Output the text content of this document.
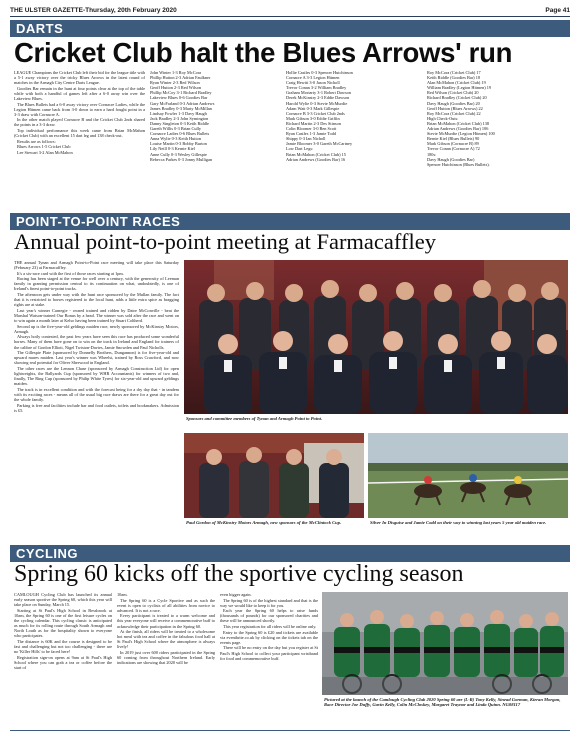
THE ULSTER GAZETTE-Thursday, 20th February 2020	Page 41
DARTS
Cricket Club halt the Blues Arrows' run

LEAGUE Champions the Cricket Club left their bid for the league title with a 5-1 away victory over the tricky Blues Arrows in the latest round of matches in the Armagh City Centre Darts League.

Goodies Bar remain in the hunt at four points clear at the top of the table while with both a handful of games left after a 6-0 away win over the Lakeview Blues.

The Blues Bullets had a 6-0 away victory over Cornacre Ladies, while the Legion Hitmen came back from 3-0 down to earn a hard fought point in a 3-3 draw with Cornacre A.

In the other match played Cornacre B and the Cricket Club 2nds shared the points in a 3-3 draw.

Top individual performance this week came from Brian McMahon (Cricket Club) with an excellent 15 dart leg and 138 check-out.

Results are as follows:

Blues Arrows 1-5 Cricket Club

Lee Stewart 3-2 Alan McMahon

John Winter 1-3 Roy McCora
Phillip Hutton 2-3 Adrian Faulkner
Ryan Winter 2-3 Red Wilson
Geoff Hutton 2-3 Red Wilson
Phillip McCoy 3-1 Richard Bradley
Lakeview Blues 0-6 Goodies Bar
Gary McFarland 0-3 Adrian Andrews
James Bradley 0-3 Marty McMillan
Lindsay Fowler 1-3 Davy Haugh
Jack Bradley 2-3 John Symington
Danny Singleton 0-3 Keith Riddle
Gareth Willis 0-3 Brian Cully
Cornacre Ladies 0-6 Blues Bullets
Anna Wylie 0-3 Keith Hutton
Louise Martin 0-3 Bobby Burton
Lily Neill 0-3 Kernie Kiel
Anne Cully 0-3 Wesley Gillespie
Rebecca Parkes 0-3 Jonny Mulligan
Hollie Castles 0-3 Spencer Hutchinson
Cornacre A 3-3 Legion Hitmen
Craig Hewitt 3-0 Jason Nicholl
Trevor Conan 3-2 William Bradley
Graham Moriarty 3-1 Robert Dawson
Derek McKinstry 2-3 Eddie Dawson
Harold Wylie 0-3 Stevie McMurdie
Adam Watt 0-3 Mark Gillespie
Cornacre B 3-3 Cricket Club 2nds
Mark Gibson 3-0 Eddie Griffin
Richard Martin 2-3 Des Stinson
Colin Bloomer 3-0 Ben Scott
Ryan Castles 1-3 Jamie Todd
Shippy 0-3 Ian Nicholl
Jamie Bloomer 3-0 Gareth McCartney
Low Dart Legs:
Brian McMahon (Cricket Club) 15
Adrian Andrews (Goodies Bar) 16
Roy McCora (Cricket Club) 17
Keith Riddle (Goodies Bar) 18
Alan McMahon (Cricket Club) 19
William Bradley (Legion Hitmen) 19
Red Wilson (Cricket Club) 20
Richard Bradley (Cricket Club) 20
Davy Haugh (Goodies Bar) 20
Geoff Hutton (Blues Arrows) 22
Roy McCora (Cricket Club) 22
High Check-Outs:
Brian McMahon (Cricket Club) 138
Adrian Andrews (Goodies Bar) 106
Stevie McMurdie (Legion Hitmen) 100
Bernie Kiel (Blues Bullets) 90
Mark Gibson (Cornacre B) 89
Trevor Conan (Cornacre A) 72
180s:
Davy Haugh (Goodies Bar)
Spencer Hutchinson (Blues Bullets).
POINT-TO-POINT RACES
Annual point-to-point meeting at Farmacaffley

THE annual Tynan and Armagh Point-to-Point race meeting will take place this Saturday (February 23) at Farmacaffley.

It's a six-race card with the first of those races starting at 1pm.

Racing has been staged at the venue for well over a century, with the generosity of Leeman family in granting permission central to its continuation on what, undoubtedly, is one of Ireland's finest point-to-point tracks.

The afternoon gets under way with the hunt race sponsored by the Mullan family. The fact that it is restricted to horses registered to the local hunt, adds a little extra spice as bragging rights are at stake.

Last year's winner Carnegie - owned trained and ridden by Daire McConville - beat the Marshal Watson-trained Our Bonus by a head. The winner was sold after the race and went on to win again a month later at Kelso having been trained by Stuart Coltherd.

Second up is the five-year-old geldings maiden race, newly sponsored by McKinstry Motors, Armagh.

Always hotly contested, the past few years have seen this race has produced some wonderful horses. Many of them have gone on to win on the track in Ireland and England for trainers of the calibre of Gordon Elliott, Nigel Twiston-Davies, Jamie Snowden and Paul Nicholls.

The Gillespie Plate (sponsored by Donnelly Brothers, Dungannon) is for five-year-old and upward mares maiden. Last year's winner was Wheelst, trained by Ross Crawford, and now showing real potential for Oliver Sherwood in England.

The other races are the Lennon Chase (sponsored by Armagh Construction Ltd) for open lightweights, the Ballyards Cup (sponsored by WHR Accountants) for winners of two and, finally, The Ring Cup (sponsored by Philip White Tyres) for six-year-old and upward geldings maiden.

The track is in excellent condition and with the forecast being for a dry day that - in tandem with its exciting races - means all of the usual big race draws are there for a great day out for the whole family.

Parking is free and facilities include bar and food outlets, toilets and bookmakers. Admission is £5.

Sponsors and committee members of Tynan and Armagh Point to Point.
Paul Gordon of McKinstry Motors Armagh, new sponsors of the McClintock Cup.	Silver In Disguise and Jamie Codd on their way to winning last years 5 year old maiden race.
CYCLING
Spring 60 kicks off the sportive cycling season

CAMLOUGH Cycling Club has launched its annual early season sportive the Spring 60, which this year will take place on Sunday, March 15.

Starting at St Paul's High School in Bessbrook at 10am, the Spring 60 is one of the first leisure cycles on the cycling calendar. This cycling classic is anticipated as much for its rolling route through South Armagh and North Louth as for the hospitality shown to everyone who participates.

The distance is 60K and the course is designed to be fast and challenging but not too challenging - there are no 'Killer Hills' to be faced here!

Registration sign-on opens at 9am at St Paul's High School where you can grab a tea or coffee before the start of

10am.

The Spring 60 is a Cycle Sportive and as such the event is open to cyclists of all abilities from novice to advanced. It is not a race.

Every participant is treated to a warm welcome and this year everyone will receive a commemorative buff to acknowledge their participation in the Spring 60.

At the finish, all riders will be treated to a wholesome hot meal with tea and coffee in the fabulous food hall at St Paul's High School where the atmosphere is always lively!

In 2019 just over 600 riders participated in the Spring 60 coming from throughout Northern Ireland. Early indications are showing that 2020 will be

even bigger again.

The Spring 60 is of the highest standard and that is the way we would like to keep it for you.

Each year the Spring 60 helps to raise funds (thousands of pounds) for our sponsored charities and these will be announced shortly.

This year registration for all riders will be online only.

Entry to the Spring 60 is £20 and tickets are available via eventbrite.co.uk by clicking on the tickets tab on the events page.

There will be no entry on the day but you register at St Paul's High School to collect your participant wristband for food and commemorative buff.

Pictured at the launch of the Camlough Cycling Club 2020 Spring 60 are (L-R) Tony Kelly, Sinead Gorman, Kieran Morgan, Race Director Joe Duffy, Gavin Kelly, Colin McCloskey, Margaret Traynor and Linda Quinn. NG08117
